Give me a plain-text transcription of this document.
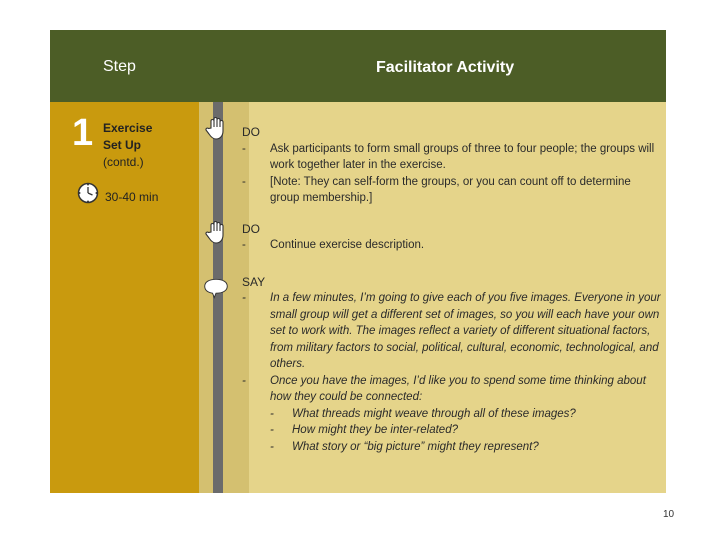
Step	Facilitator Activity
1 Exercise
Set Up
(contd.)
30-40 min
DO
- Ask participants to form small groups of three to four people; the groups will work together later in the exercise.
- [Note: They can self-form the groups, or you can count off to determine group membership.]
DO
- Continue exercise description.
SAY
- In a few minutes, I’m going to give each of you five images. Everyone in your small group will get a different set of images, so you will each have your own set to work with. The images reflect a variety of different situational factors, from military factors to social, political, cultural, economic, technological, and others.
- Once you have the images, I’d like you to spend some time thinking about how they could be connected:
- What threads might weave through all of these images?
- How might they be inter-related?
- What story or “big picture” might they represent?
10
